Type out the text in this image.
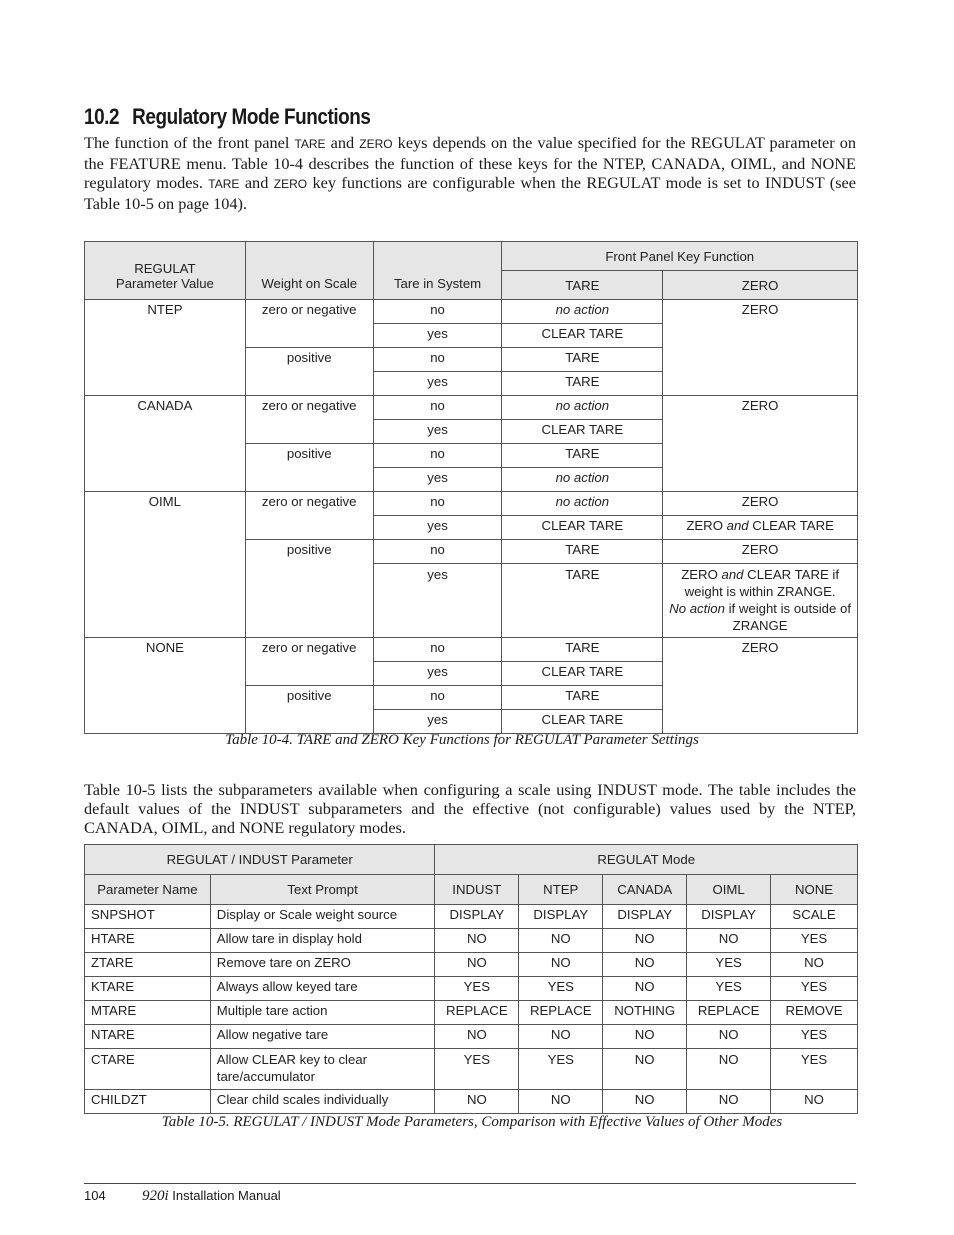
10.2 Regulatory Mode Functions
The function of the front panel TARE and ZERO keys depends on the value specified for the REGULAT parameter on the FEATURE menu. Table 10-4 describes the function of these keys for the NTEP, CANADA, OIML, and NONE regulatory modes. TARE and ZERO key functions are configurable when the REGULAT mode is set to INDUST (see Table 10-5 on page 104).
REGULAT
Parameter Value	Weight on Scale	Tare in System	Front Panel Key Function	
			TARE	ZERO
NTEP	zero or negative	no	no action	ZERO
		yes	CLEAR TARE	
	positive	no	TARE	
		yes	TARE	
CANADA	zero or negative	no	no action	ZERO
		yes	CLEAR TARE	
	positive	no	TARE	
		yes	no action	
OIML	zero or negative	no	no action	ZERO
		yes	CLEAR TARE	ZERO and CLEAR TARE
	positive	no	TARE	ZERO
		yes	TARE	ZERO and CLEAR TARE if weight is within ZRANGE.
No action if weight is outside of ZRANGE
NONE	zero or negative	no	TARE	ZERO
		yes	CLEAR TARE	
	positive	no	TARE	
		yes	CLEAR TARE	
Table 10-4. TARE and ZERO Key Functions for REGULAT Parameter Settings
Table 10-5 lists the subparameters available when configuring a scale using INDUST mode. The table includes the default values of the INDUST subparameters and the effective (not configurable) values used by the NTEP, CANADA, OIML, and NONE regulatory modes.
REGULAT / INDUST Parameter		REGULAT Mode				
Parameter Name	Text Prompt	INDUST	NTEP	CANADA	OIML	NONE
SNPSHOT	Display or Scale weight source	DISPLAY	DISPLAY	DISPLAY	DISPLAY	SCALE
HTARE	Allow tare in display hold	NO	NO	NO	NO	YES
ZTARE	Remove tare on ZERO	NO	NO	NO	YES	NO
KTARE	Always allow keyed tare	YES	YES	NO	YES	YES
MTARE	Multiple tare action	REPLACE	REPLACE	NOTHING	REPLACE	REMOVE
NTARE	Allow negative tare	NO	NO	NO	NO	YES
CTARE	Allow CLEAR key to clear tare/accumulator	YES	YES	NO	NO	YES
CHILDZT	Clear child scales individually	NO	NO	NO	NO	NO
Table 10-5. REGULAT / INDUST Mode Parameters, Comparison with Effective Values of Other Modes
104 920i Installation Manual
